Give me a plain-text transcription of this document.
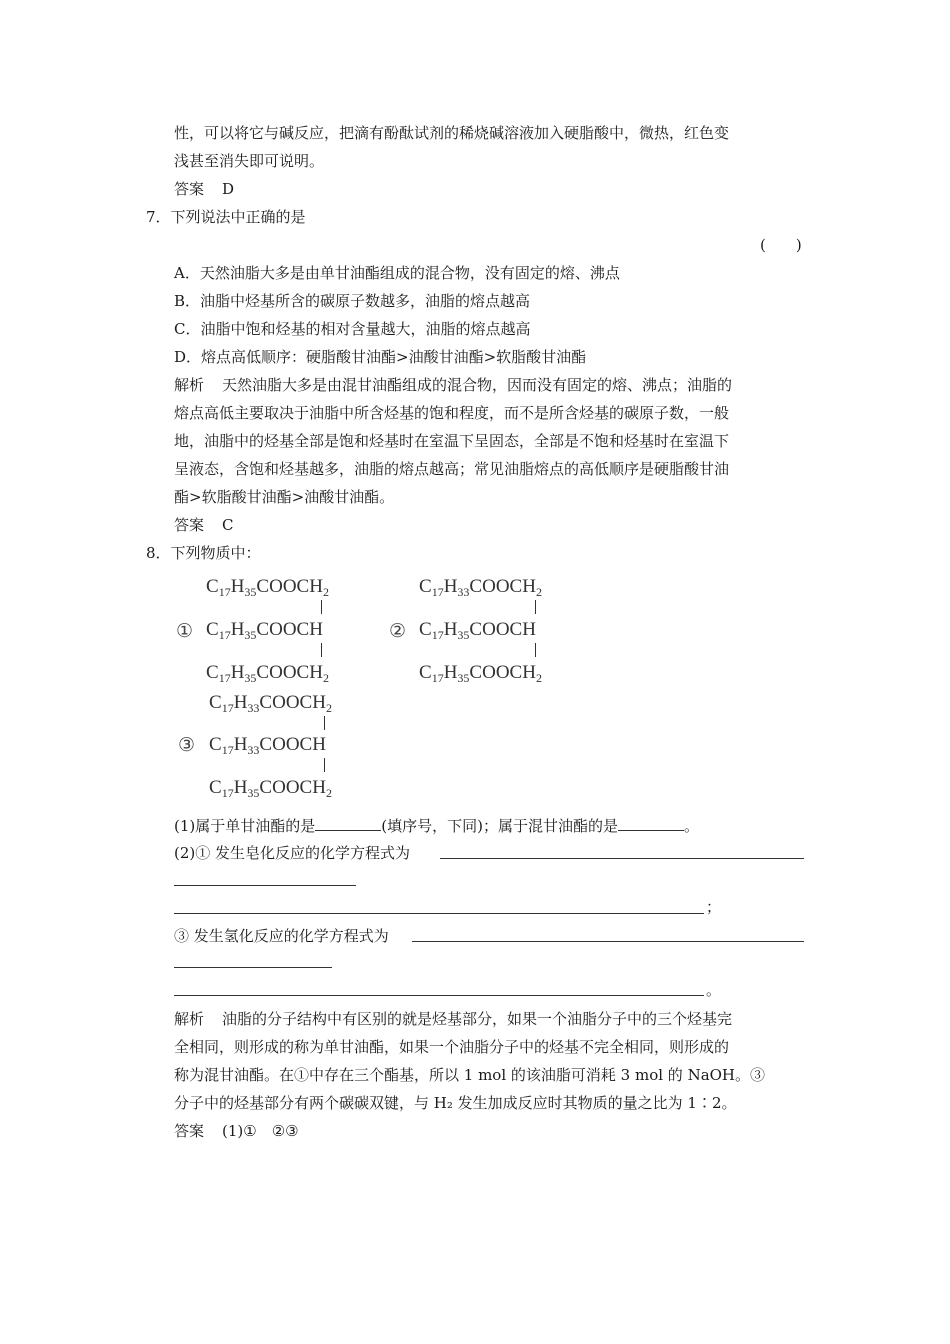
性，可以将它与碱反应，把滴有酚酞试剂的稀烧碱溶液加入硬脂酸中，微热，红色变
浅甚至消失即可说明。
答案 D
7．下列说法中正确的是
(　　)
A．天然油脂大多是由单甘油酯组成的混合物，没有固定的熔、沸点
B．油脂中烃基所含的碳原子数越多，油脂的熔点越高
C．油脂中饱和烃基的相对含量越大，油脂的熔点越高
D．熔点高低顺序：硬脂酸甘油酯>油酸甘油酯>软脂酸甘油酯
解析 天然油脂大多是由混甘油酯组成的混合物，因而没有固定的熔、沸点；油脂的
熔点高低主要取决于油脂中所含烃基的饱和程度，而不是所含烃基的碳原子数，一般
地，油脂中的烃基全部是饱和烃基时在室温下呈固态，全部是不饱和烃基时在室温下
呈液态，含饱和烃基越多，油脂的熔点越高；常见油脂熔点的高低顺序是硬脂酸甘油
酯>软脂酸甘油酯>油酸甘油酯。
答案 C
8．下列物质中：
①
$C_{17}H_{35}COOCH_2$
$C_{17}H_{35}COOCH$
$C_{17}H_{35}COOCH_2$
②
$C_{17}H_{33}COOCH_2$
$C_{17}H_{35}COOCH$
$C_{17}H_{35}COOCH_2$
③
$C_{17}H_{33}COOCH_2$
$C_{17}H_{33}COOCH$
$C_{17}H_{35}COOCH_2$
(1)属于单甘油酯的是	(填序号，下同)；属于混甘油酯的是	。
(2)① 发生皂化反应的化学方程式为
；
③ 发生氢化反应的化学方程式为
。
解析 油脂的分子结构中有区别的就是烃基部分，如果一个油脂分子中的三个烃基完
全相同，则形成的称为单甘油酯，如果一个油脂分子中的烃基不完全相同，则形成的
称为混甘油酯。在①中存在三个酯基，所以 1 mol 的该油脂可消耗 3 mol 的 NaOH。③
分子中的烃基部分有两个碳碳双键，与 H₂ 发生加成反应时其物质的量之比为 1∶2。
答案 (1)①　②③
